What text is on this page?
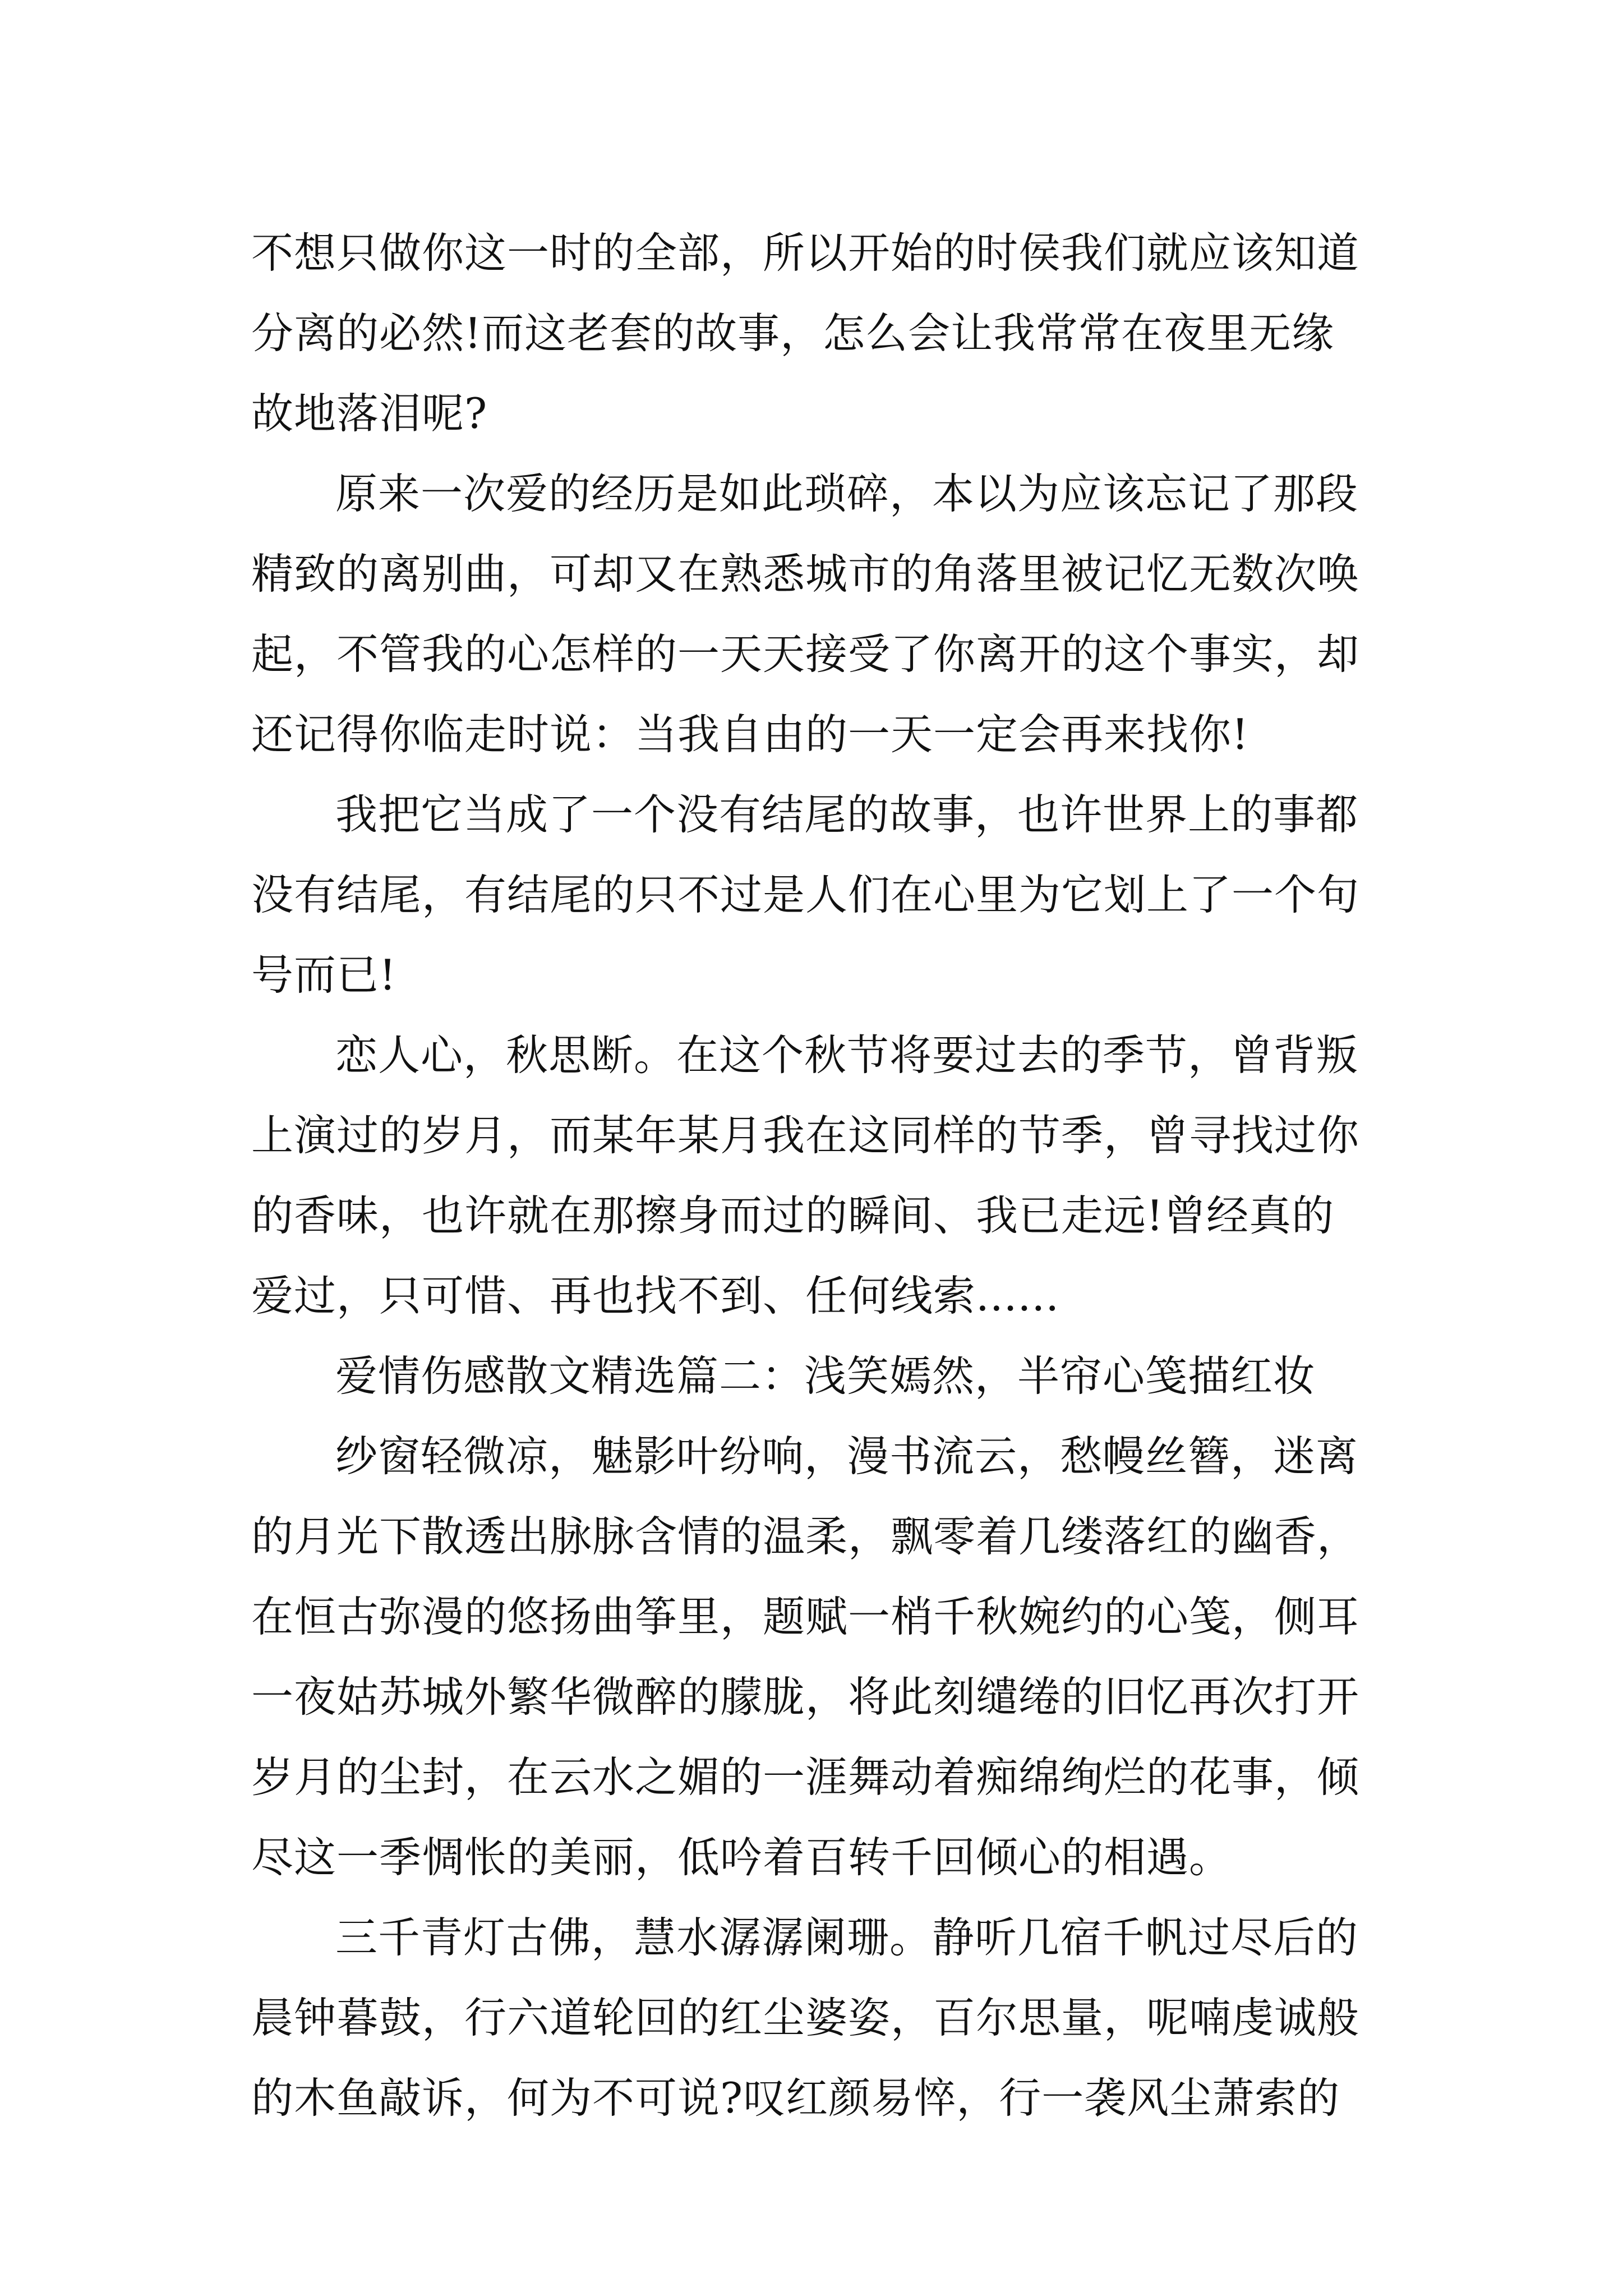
不想只做你这一时的全部，所以开始的时侯我们就应该知道
分离的必然!而这老套的故事，怎么会让我常常在夜里无缘
故地落泪呢?
原来一次爱的经历是如此琐碎，本以为应该忘记了那段
精致的离别曲，可却又在熟悉城市的角落里被记忆无数次唤
起，不管我的心怎样的一天天接受了你离开的这个事实，却
还记得你临走时说：当我自由的一天一定会再来找你!
我把它当成了一个没有结尾的故事，也许世界上的事都
没有结尾，有结尾的只不过是人们在心里为它划上了一个句
号而已!
恋人心，秋思断。在这个秋节将要过去的季节，曾背叛
上演过的岁月，而某年某月我在这同样的节季，曾寻找过你
的香味，也许就在那擦身而过的瞬间、我已走远!曾经真的
爱过，只可惜、再也找不到、任何线索......
爱情伤感散文精选篇二：浅笑嫣然，半帘心笺描红妆
纱窗轻微凉，魅影叶纷响，漫书流云，愁幔丝簪，迷离
的月光下散透出脉脉含情的温柔，飘零着几缕落红的幽香，
在恒古弥漫的悠扬曲筝里，题赋一梢千秋婉约的心笺，侧耳
一夜姑苏城外繁华微醉的朦胧，将此刻缱绻的旧忆再次打开
岁月的尘封，在云水之媚的一涯舞动着痴绵绚烂的花事，倾
尽这一季惆怅的美丽，低吟着百转千回倾心的相遇。
三千青灯古佛，慧水潺潺阑珊。静听几宿千帆过尽后的
晨钟暮鼓，行六道轮回的红尘婆姿，百尔思量，呢喃虔诚般
的木鱼敲诉，何为不可说?叹红颜易悴，行一袭风尘萧索的
